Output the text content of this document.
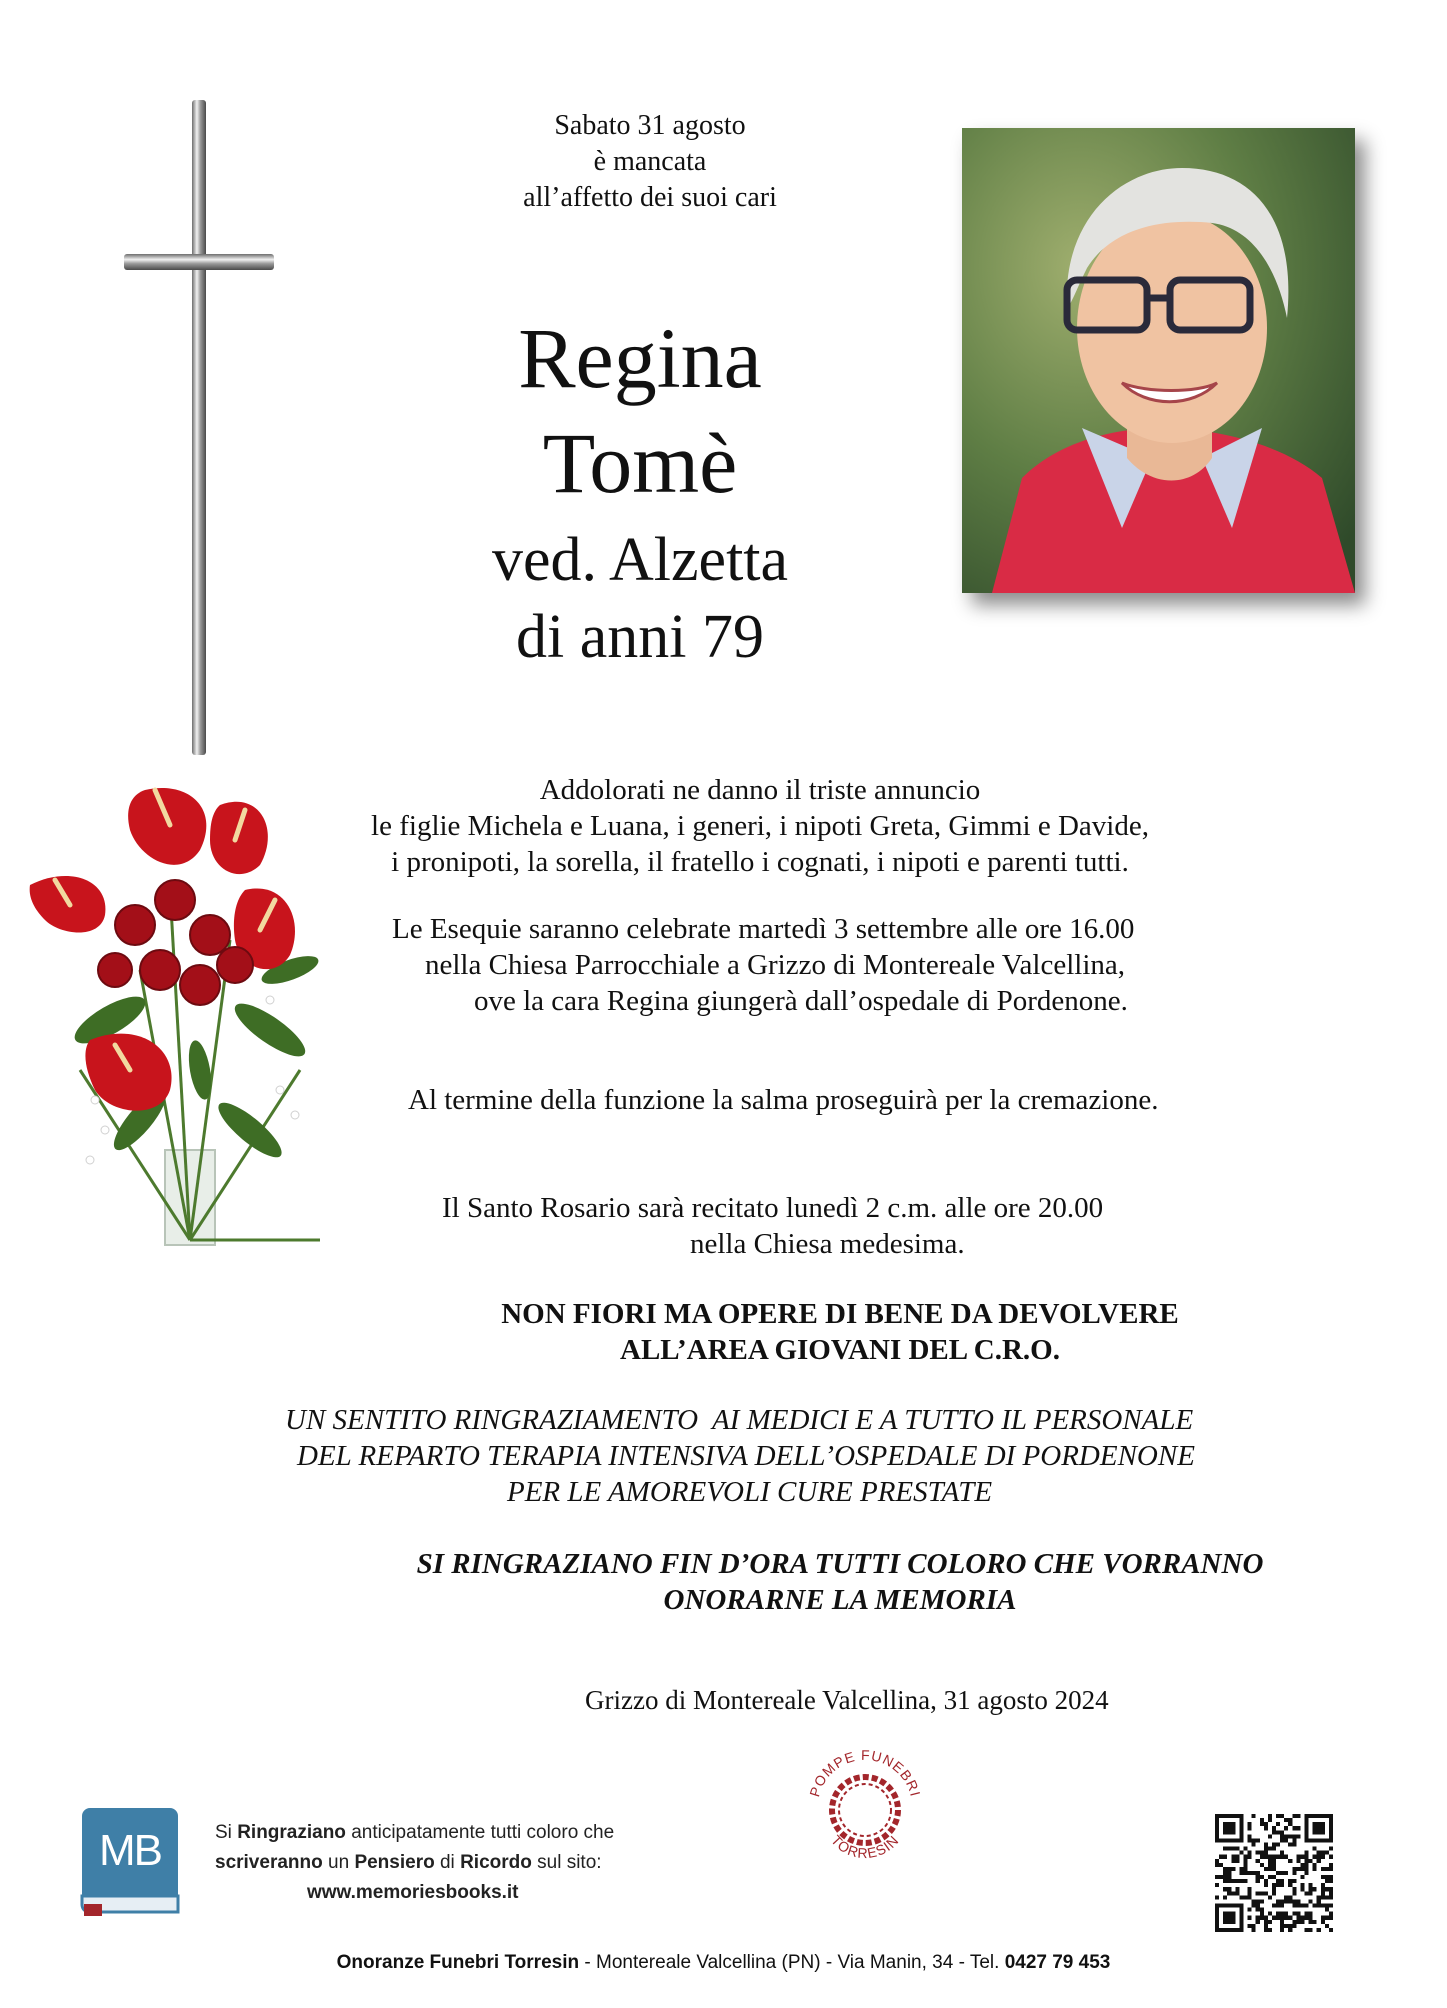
Sabato 31 agosto
è mancata
all’affetto dei suoi cari
Regina
Tomè
ved. Alzetta
di anni 79
Addolorati ne danno il triste annuncio
le figlie Michela e Luana, i generi, i nipoti Greta, Gimmi e Davide,
i pronipoti, la sorella, il fratello i cognati, i nipoti e parenti tutti.
Le Esequie saranno celebrate martedì 3 settembre alle ore 16.00
nella Chiesa Parrocchiale a Grizzo di Montereale Valcellina,
ove la cara Regina giungerà dall’ospedale di Pordenone.
Al termine della funzione la salma proseguirà per la cremazione.
Il Santo Rosario sarà recitato lunedì 2 c.m. alle ore 20.00
nella Chiesa medesima.
NON FIORI MA OPERE DI BENE DA DEVOLVERE
ALL’AREA GIOVANI DEL C.R.O.
UN SENTITO RINGRAZIAMENTO  AI MEDICI E A TUTTO IL PERSONALE
DEL REPARTO TERAPIA INTENSIVA DELL’OSPEDALE DI PORDENONE
PER LE AMOREVOLI CURE PRESTATE
SI RINGRAZIANO FIN D’ORA TUTTI COLORO CHE VORRANNO
ONORARNE LA MEMORIA
Grizzo di Montereale Valcellina, 31 agosto 2024
MB	Si Ringraziano anticipatamente tutti coloro che
scriveranno un Pensiero di Ricordo sul sito:
www.memoriesbooks.it
POMPE FUNEBRI
TORRESIN
Onoranze Funebri Torresin - Montereale Valcellina (PN) - Via Manin, 34 - Tel. 0427 79 453
